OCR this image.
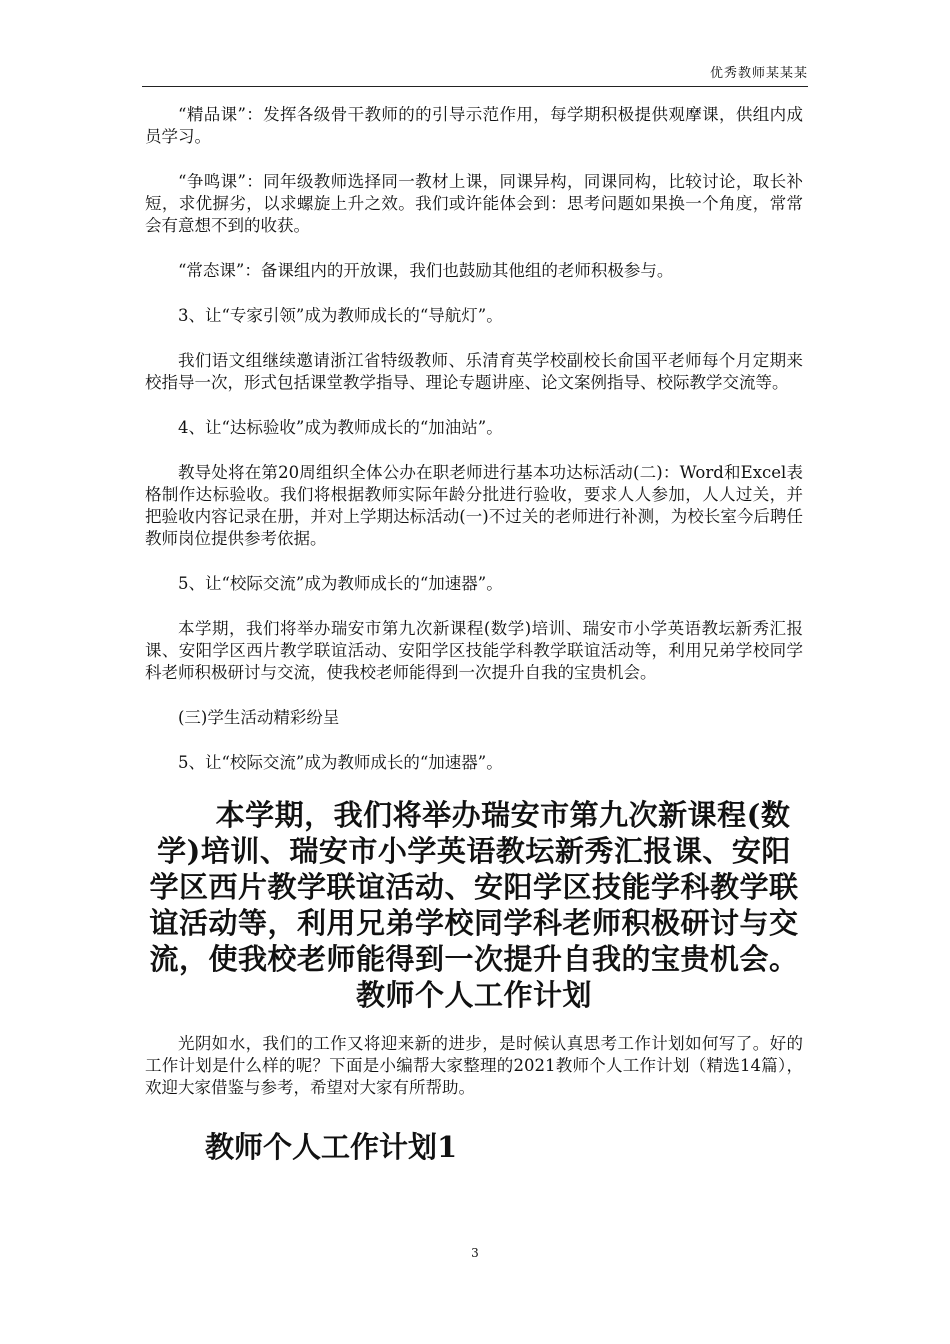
优秀教师某某某

“精品课”：发挥各级骨干教师的的引导示范作用，每学期积极提供观摩课，供组内成员学习。

“争鸣课”：同年级教师选择同一教材上课，同课异构，同课同构，比较讨论，取长补短，求优摒劣，以求螺旋上升之效。我们或许能体会到：思考问题如果换一个角度，常常会有意想不到的收获。

“常态课”：备课组内的开放课，我们也鼓励其他组的老师积极参与。

3、让“专家引领”成为教师成长的“导航灯”。

我们语文组继续邀请浙江省特级教师、乐清育英学校副校长俞国平老师每个月定期来校指导一次，形式包括课堂教学指导、理论专题讲座、论文案例指导、校际教学交流等。

4、让“达标验收”成为教师成长的“加油站”。

教导处将在第20周组织全体公办在职老师进行基本功达标活动(二)：Word和Excel表格制作达标验收。我们将根据教师实际年龄分批进行验收，要求人人参加，人人过关，并把验收内容记录在册，并对上学期达标活动(一)不过关的老师进行补测，为校长室今后聘任教师岗位提供参考依据。

5、让“校际交流”成为教师成长的“加速器”。

本学期，我们将举办瑞安市第九次新课程(数学)培训、瑞安市小学英语教坛新秀汇报课、安阳学区西片教学联谊活动、安阳学区技能学科教学联谊活动等，利用兄弟学校同学科老师积极研讨与交流，使我校老师能得到一次提升自我的宝贵机会。

(三)学生活动精彩纷呈

5、让“校际交流”成为教师成长的“加速器”。

本学期，我们将举办瑞安市第九次新课程(数学)培训、瑞安市小学英语教坛新秀汇报课、安阳学区西片教学联谊活动、安阳学区技能学科教学联谊活动等，利用兄弟学校同学科老师积极研讨与交流，使我校老师能得到一次提升自我的宝贵机会。 教师个人工作计划

光阴如水，我们的工作又将迎来新的进步，是时候认真思考工作计划如何写了。好的工作计划是什么样的呢？下面是小编帮大家整理的2021教师个人工作计划（精选14篇），欢迎大家借鉴与参考，希望对大家有所帮助。

教师个人工作计划1
3
